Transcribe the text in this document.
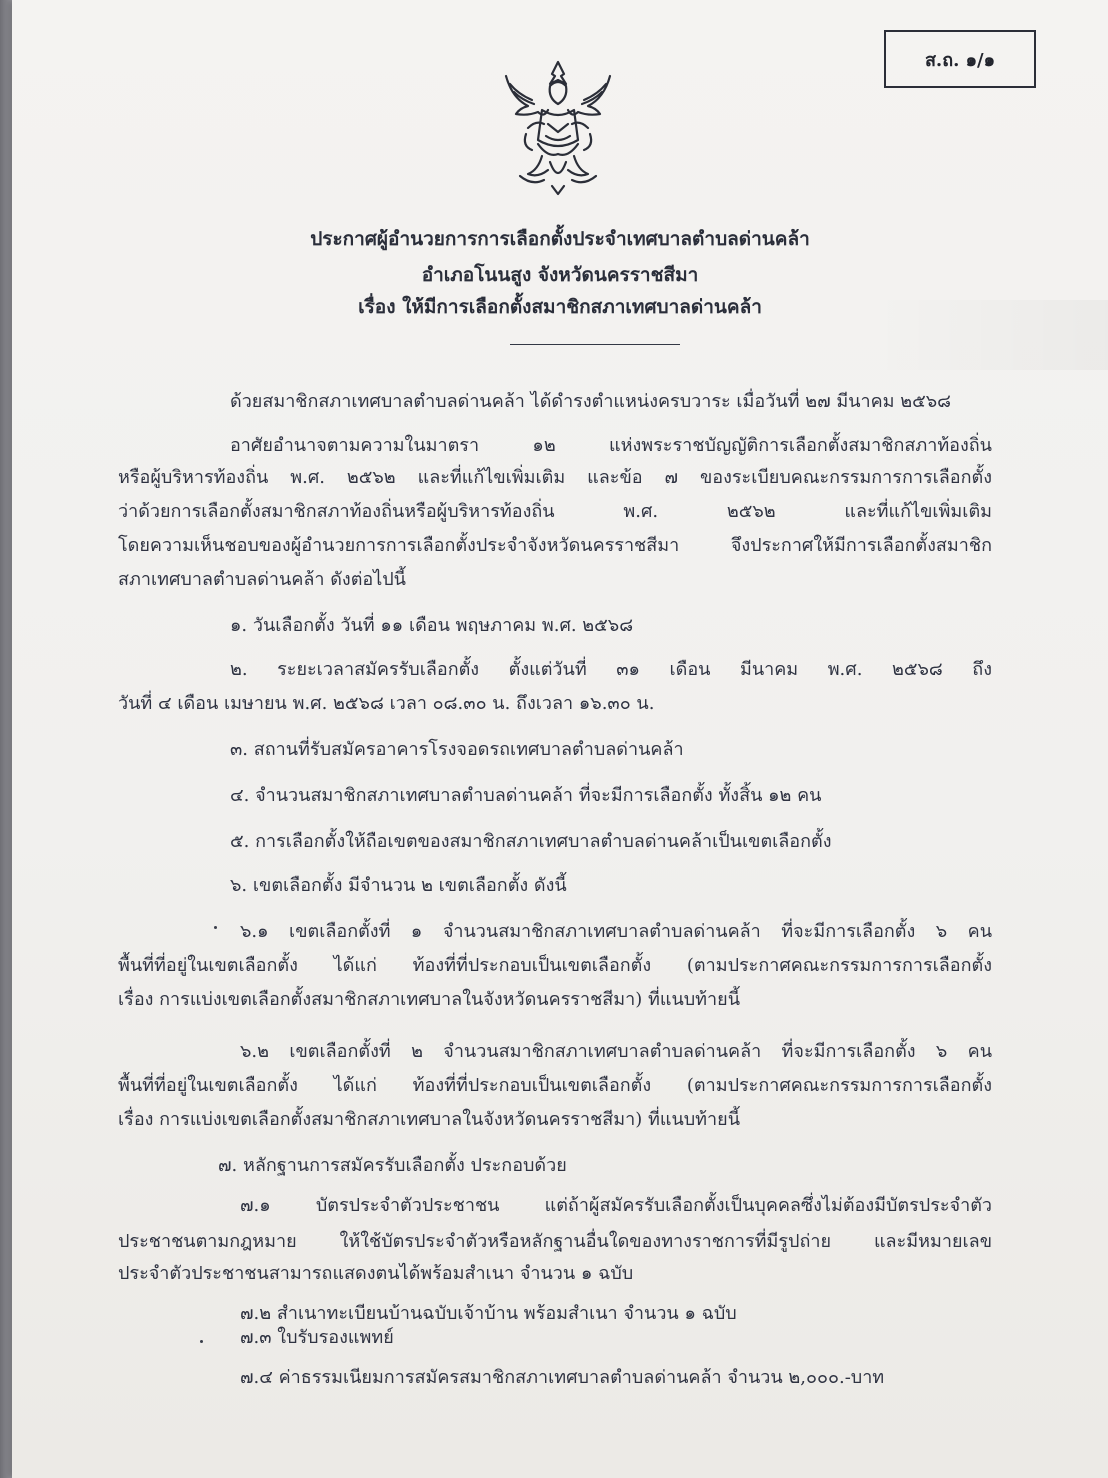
ส.ถ. ๑/๑
ประกาศผู้อำนวยการการเลือกตั้งประจำเทศบาลตำบลด่านคล้า
อำเภอโนนสูง จังหวัดนครราชสีมา
เรื่อง ให้มีการเลือกตั้งสมาชิกสภาเทศบาลด่านคล้า
ด้วยสมาชิกสภาเทศบาลตำบลด่านคล้า ได้ดำรงตำแหน่งครบวาระ เมื่อวันที่ ๒๗ มีนาคม ๒๕๖๘
อาศัยอำนาจตามความในมาตรา ๑๒ แห่งพระราชบัญญัติการเลือกตั้งสมาชิกสภาท้องถิ่น
หรือผู้บริหารท้องถิ่น พ.ศ. ๒๕๖๒ และที่แก้ไขเพิ่มเติม และข้อ ๗ ของระเบียบคณะกรรมการการเลือกตั้ง
ว่าด้วยการเลือกตั้งสมาชิกสภาท้องถิ่นหรือผู้บริหารท้องถิ่น พ.ศ. ๒๕๖๒ และที่แก้ไขเพิ่มเติม
โดยความเห็นชอบของผู้อำนวยการการเลือกตั้งประจำจังหวัดนครราชสีมา จึงประกาศให้มีการเลือกตั้งสมาชิก
สภาเทศบาลตำบลด่านคล้า ดังต่อไปนี้
๑. วันเลือกตั้ง วันที่ ๑๑ เดือน พฤษภาคม พ.ศ. ๒๕๖๘
๒. ระยะเวลาสมัครรับเลือกตั้ง ตั้งแต่วันที่ ๓๑ เดือน มีนาคม พ.ศ. ๒๕๖๘ ถึง
วันที่ ๔ เดือน เมษายน พ.ศ. ๒๕๖๘ เวลา ๐๘.๓๐ น. ถึงเวลา ๑๖.๓๐ น.
๓. สถานที่รับสมัครอาคารโรงจอดรถเทศบาลตำบลด่านคล้า
๔. จำนวนสมาชิกสภาเทศบาลตำบลด่านคล้า ที่จะมีการเลือกตั้ง ทั้งสิ้น ๑๒ คน
๕. การเลือกตั้งให้ถือเขตของสมาชิกสภาเทศบาลตำบลด่านคล้าเป็นเขตเลือกตั้ง
๖. เขตเลือกตั้ง มีจำนวน ๒ เขตเลือกตั้ง ดังนี้
๖.๑ เขตเลือกตั้งที่ ๑ จำนวนสมาชิกสภาเทศบาลตำบลด่านคล้า ที่จะมีการเลือกตั้ง ๖ คน
พื้นที่ที่อยู่ในเขตเลือกตั้ง ได้แก่ ท้องที่ที่ประกอบเป็นเขตเลือกตั้ง (ตามประกาศคณะกรรมการการเลือกตั้ง
เรื่อง การแบ่งเขตเลือกตั้งสมาชิกสภาเทศบาลในจังหวัดนครราชสีมา) ที่แนบท้ายนี้
๖.๒ เขตเลือกตั้งที่ ๒ จำนวนสมาชิกสภาเทศบาลตำบลด่านคล้า ที่จะมีการเลือกตั้ง ๖ คน
พื้นที่ที่อยู่ในเขตเลือกตั้ง ได้แก่ ท้องที่ที่ประกอบเป็นเขตเลือกตั้ง (ตามประกาศคณะกรรมการการเลือกตั้ง
เรื่อง การแบ่งเขตเลือกตั้งสมาชิกสภาเทศบาลในจังหวัดนครราชสีมา) ที่แนบท้ายนี้
๗. หลักฐานการสมัครรับเลือกตั้ง ประกอบด้วย
๗.๑ บัตรประจำตัวประชาชน แต่ถ้าผู้สมัครรับเลือกตั้งเป็นบุคคลซึ่งไม่ต้องมีบัตรประจำตัว
ประชาชนตามกฎหมาย ให้ใช้บัตรประจำตัวหรือหลักฐานอื่นใดของทางราชการที่มีรูปถ่าย และมีหมายเลข
ประจำตัวประชาชนสามารถแสดงตนได้พร้อมสำเนา จำนวน ๑ ฉบับ
๗.๒ สำเนาทะเบียนบ้านฉบับเจ้าบ้าน พร้อมสำเนา จำนวน ๑ ฉบับ
๗.๓ ใบรับรองแพทย์
๗.๔ ค่าธรรมเนียมการสมัครสมาชิกสภาเทศบาลตำบลด่านคล้า จำนวน ๒,๐๐๐.-บาท
